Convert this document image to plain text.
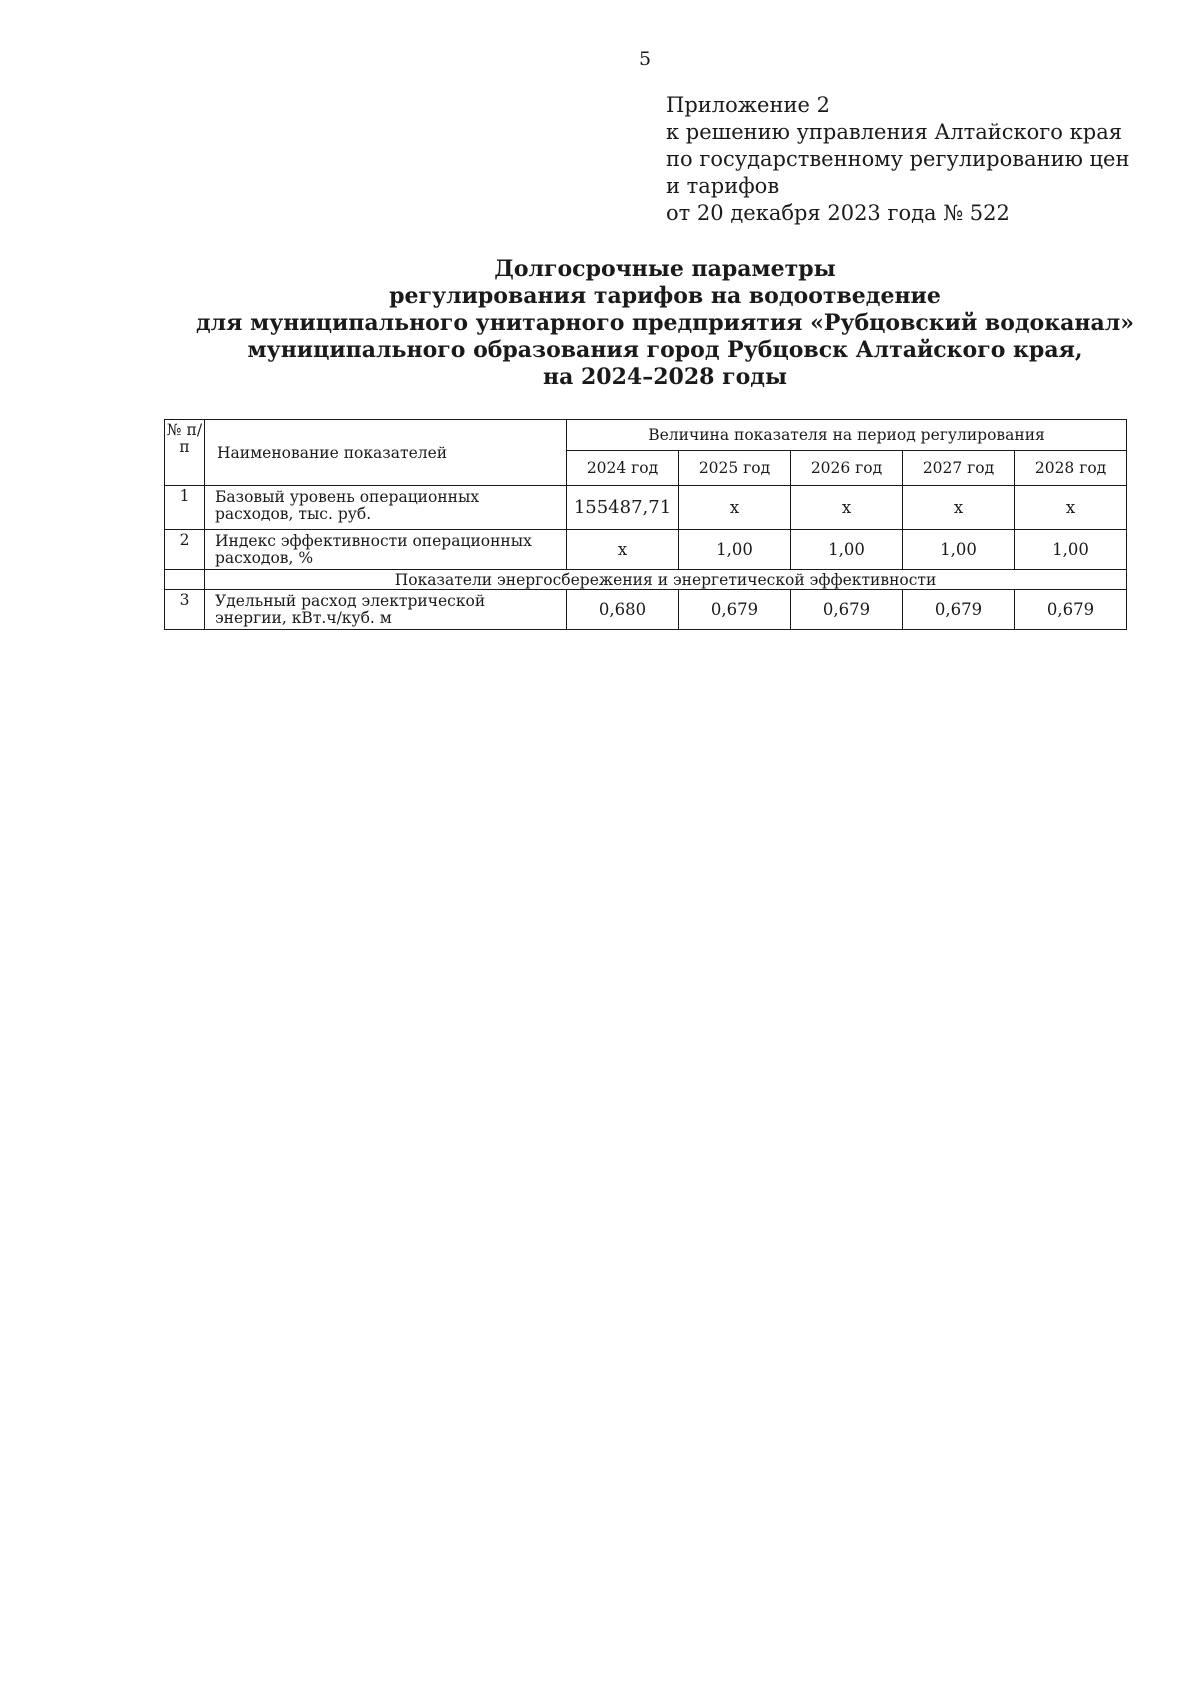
5
Приложение 2
к решению управления Алтайского края
по государственному регулированию цен
и тарифов
от 20 декабря 2023 года № 522
Долгосрочные параметры
регулирования тарифов на водоотведение
для муниципального унитарного предприятия «Рубцовский водоканал»
муниципального образования город Рубцовск Алтайского края,
на 2024–2028 годы
№ п/ п	Наименование показателей	Величина показателя на период регулирования				
		2024 год	2025 год	2026 год	2027 год	2028 год
1	Базовый уровень операционных расходов, тыс. руб.	155487,71	x	x	x	x
2	Индекс эффективности операционных расходов, %	x	1,00	1,00	1,00	1,00
	Показатели энергосбережения и энергетической эффективности					
3	Удельный расход электрической энергии, кВт.ч/куб. м	0,680	0,679	0,679	0,679	0,679
